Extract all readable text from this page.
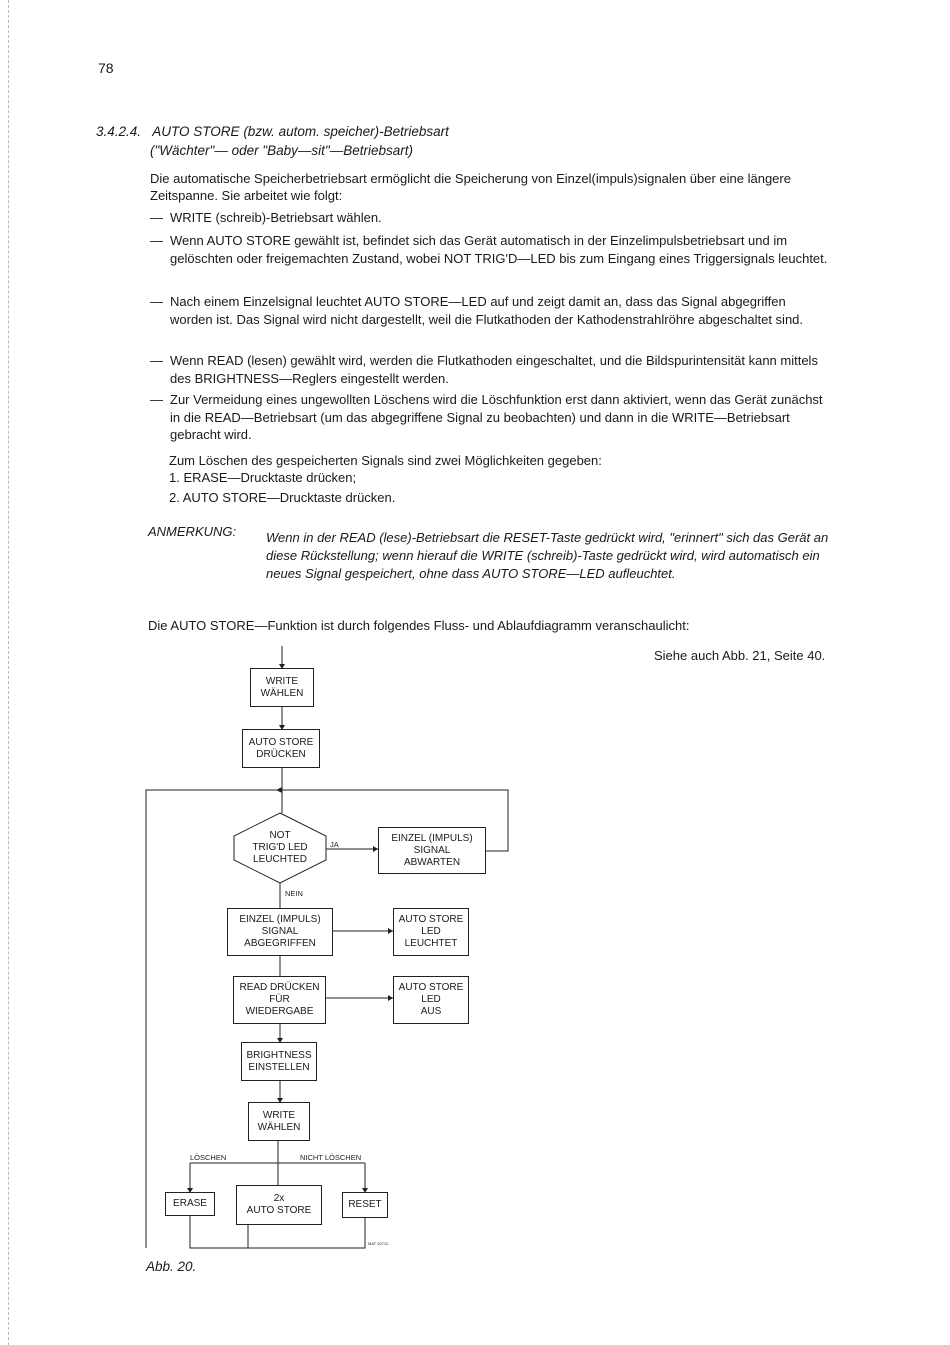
78
3.4.2.4. AUTO STORE (bzw. autom. speicher)-Betriebsart
("Wächter"— oder "Baby—sit"—Betriebsart)
Die automatische Speicherbetriebsart ermöglicht die Speicherung von Einzel(impuls)signalen über eine längere Zeitspanne. Sie arbeitet wie folgt:
— WRITE (schreib)-Betriebsart wählen.
— Wenn AUTO STORE gewählt ist, befindet sich das Gerät automatisch in der Einzelimpulsbetriebsart und im gelöschten oder freigemachten Zustand, wobei NOT TRIG'D—LED bis zum Eingang eines Triggersignals leuchtet.
— Nach einem Einzelsignal leuchtet AUTO STORE—LED auf und zeigt damit an, dass das Signal abgegriffen worden ist. Das Signal wird nicht dargestellt, weil die Flutkathoden der Kathodenstrahlröhre abgeschaltet sind.
— Wenn READ (lesen) gewählt wird, werden die Flutkathoden eingeschaltet, und die Bildspurintensität kann mittels des BRIGHTNESS—Reglers eingestellt werden.
— Zur Vermeidung eines ungewollten Löschens wird die Löschfunktion erst dann aktiviert, wenn das Gerät zunächst in die READ—Betriebsart (um das abgegriffene Signal zu beobachten) und dann in die WRITE—Betriebsart gebracht wird.
Zum Löschen des gespeicherten Signals sind zwei Möglichkeiten gegeben:
1. ERASE—Drucktaste drücken;
2. AUTO STORE—Drucktaste drücken.
ANMERKUNG: Wenn in der READ (lese)-Betriebsart die RESET-Taste gedrückt wird, "erinnert" sich das Gerät an diese Rückstellung; wenn hierauf die WRITE (schreib)-Taste gedrückt wird, wird automatisch ein neues Signal gespeichert, ohne dass AUTO STORE—LED aufleuchtet.
Die AUTO STORE—Funktion ist durch folgendes Fluss- und Ablaufdiagramm veranschaulicht:
Siehe auch Abb. 21, Seite 40.
WRITE
WÄHLEN
AUTO STORE
DRÜCKEN
NOT
TRIG'D LED
LEUCHTED
JA
NEIN
EINZEL (IMPULS)
SIGNAL
ABWARTEN
EINZEL (IMPULS)
SIGNAL
ABGEGRIFFEN
AUTO STORE
LED
LEUCHTET
READ DRÜCKEN
FÜR
WIEDERGABE
AUTO STORE
LED
AUS
BRIGHTNESS
EINSTELLEN
WRITE
WÄHLEN
LÖSCHEN	NICHT LÖSCHEN
ERASE	2x
AUTO STORE
RESET
MAT 10712
Abb. 20.
